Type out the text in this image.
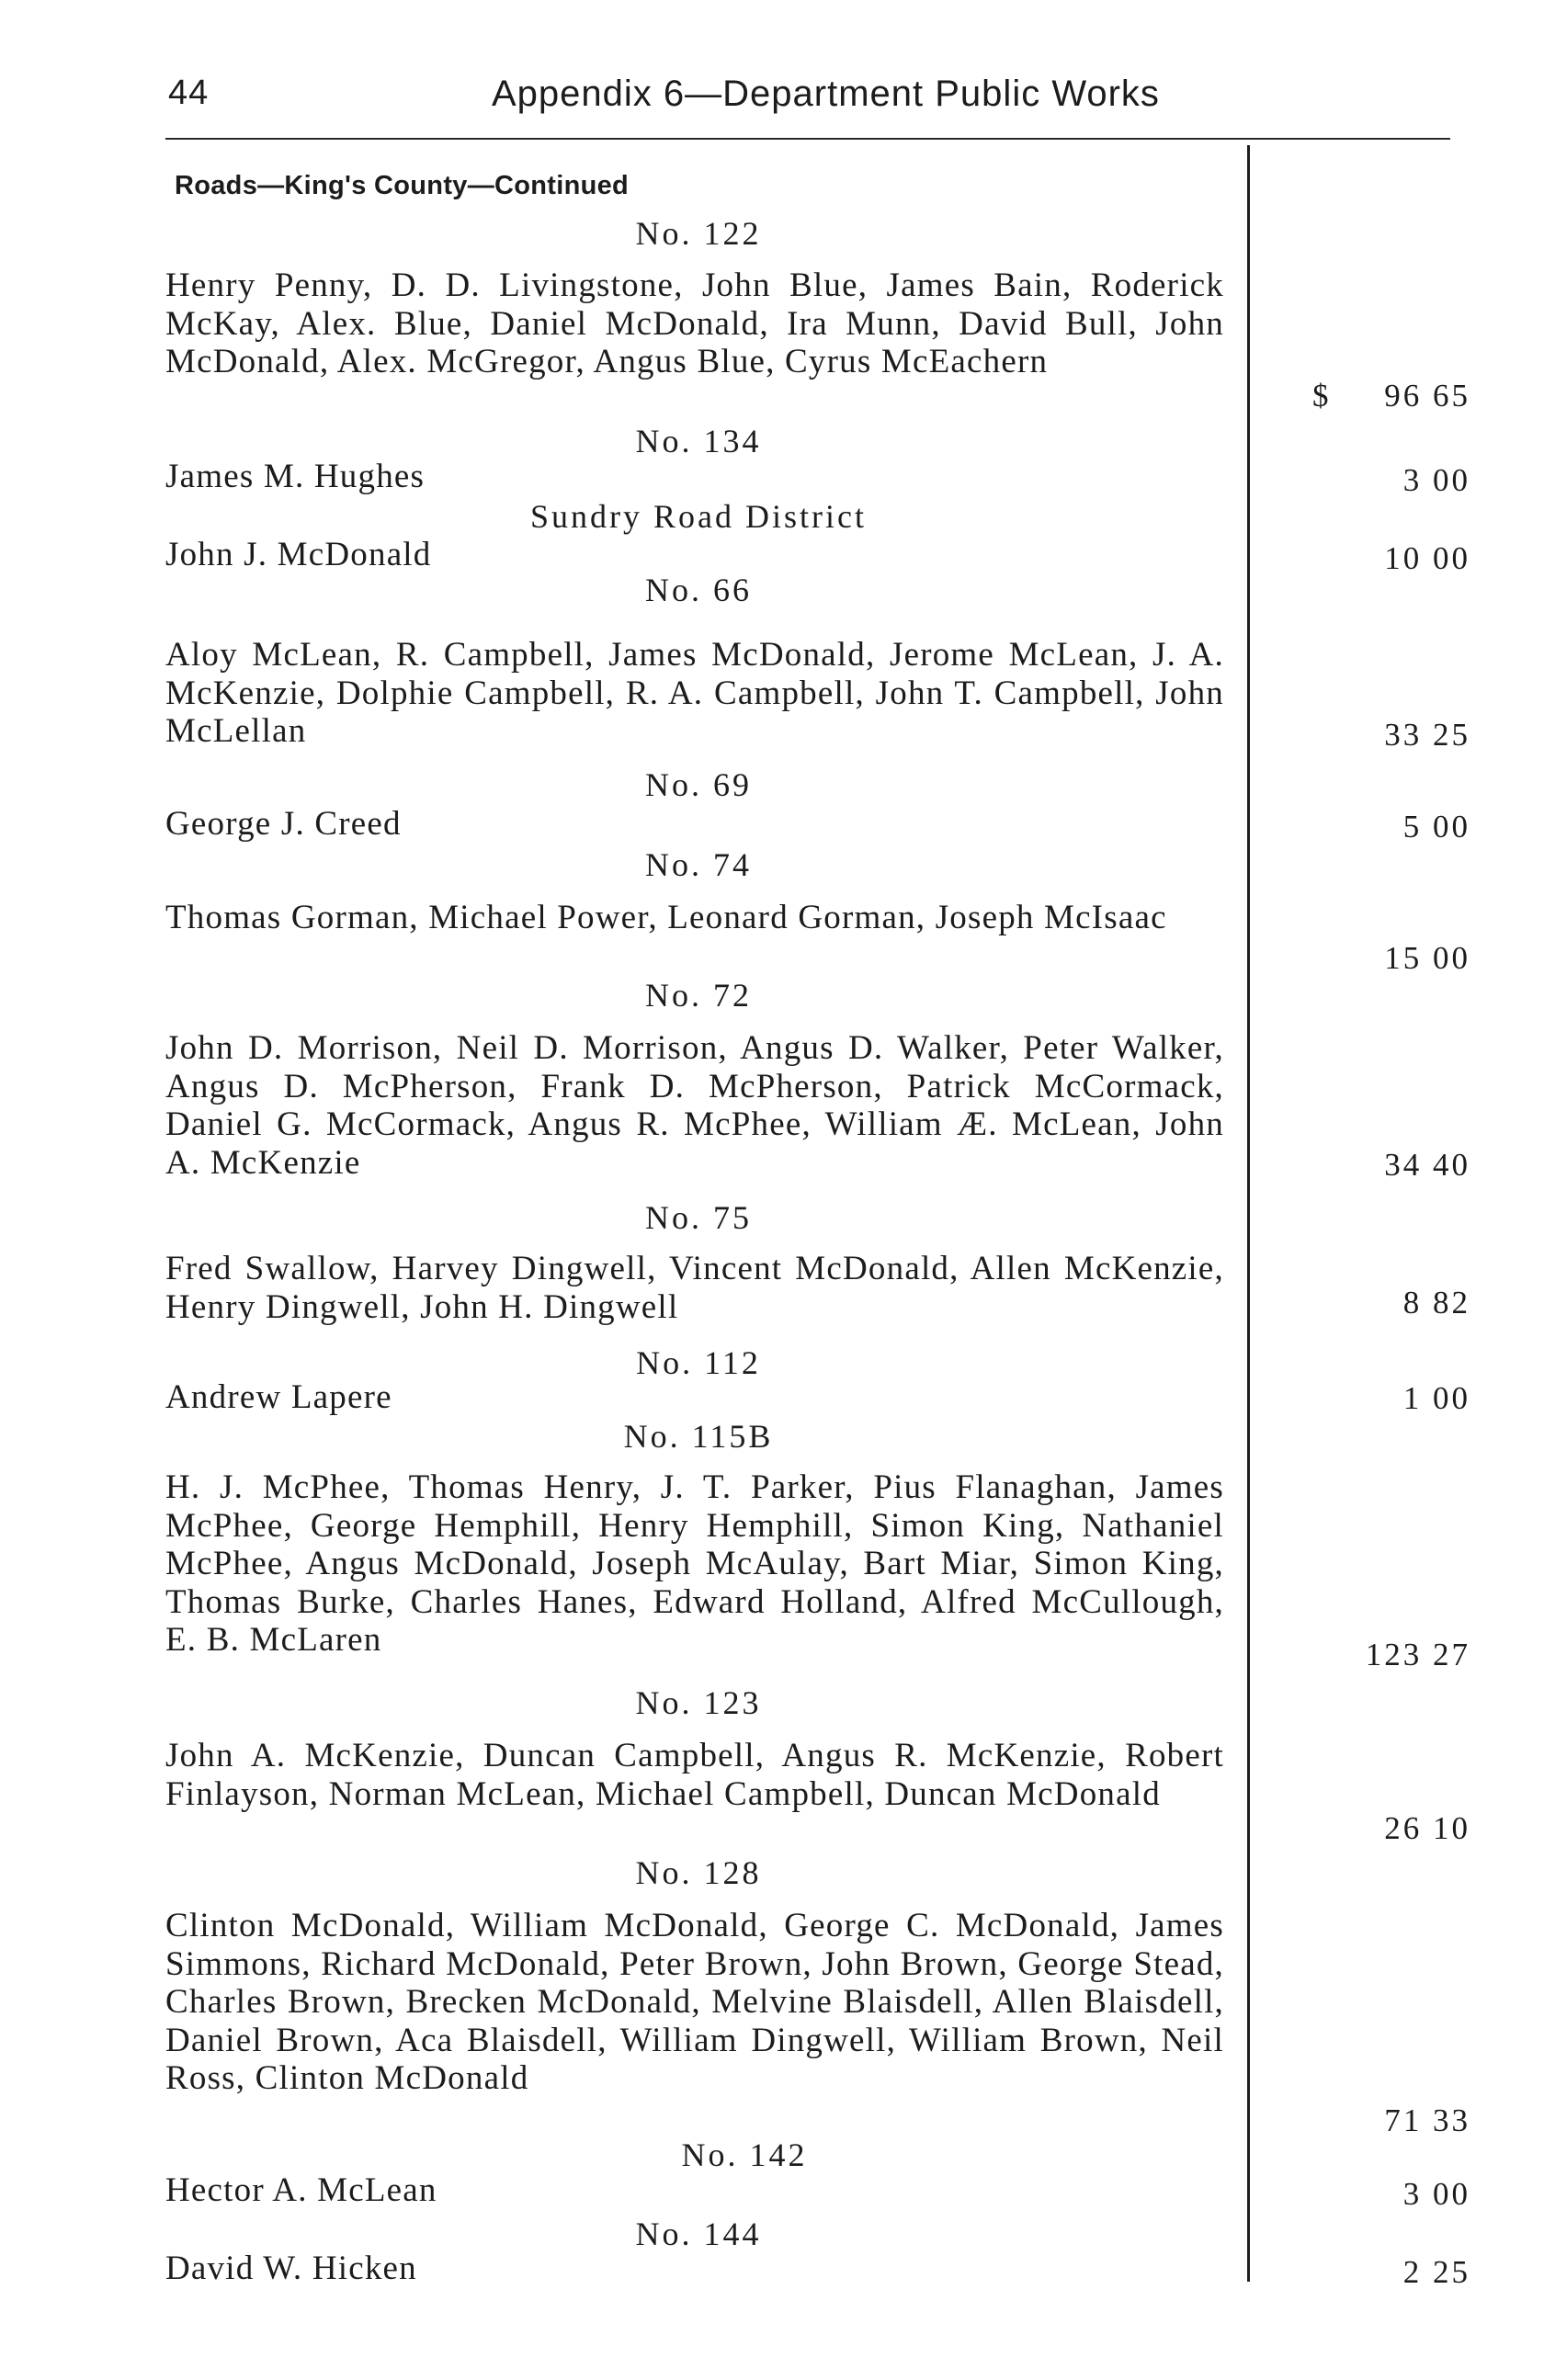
44	Appendix 6—Department Public Works
Roads—King's County—Continued
No. 122

Henry Penny, D. D. Livingstone, John Blue, James Bain, Roderick McKay, Alex. Blue, Daniel McDonald, Ira Munn, David Bull, John McDonald, Alex. McGregor, Angus Blue, Cyrus McEachern

$ 96 65
No. 134

James M. Hughes	3 00
Sundry Road District

John J. McDonald	10 00
No. 66

Aloy McLean, R. Campbell, James McDonald, Jerome McLean, J. A. McKenzie, Dolphie Campbell, R. A. Campbell, John T. Campbell, John McLellan	33 25
No. 69

George J. Creed	5 00
No. 74

Thomas Gorman, Michael Power, Leonard Gorman, Joseph McIsaac

15 00
No. 72

John D. Morrison, Neil D. Morrison, Angus D. Walker, Peter Walker, Angus D. McPherson, Frank D. McPherson, Patrick McCormack, Daniel G. McCormack, Angus R. McPhee, William Æ. McLean, John A. McKenzie	34 40
No. 75

Fred Swallow, Harvey Dingwell, Vincent McDonald, Allen McKenzie, Henry Dingwell, John H. Dingwell	8 82
No. 112

Andrew Lapere	1 00
No. 115B

H. J. McPhee, Thomas Henry, J. T. Parker, Pius Flanaghan, James McPhee, George Hemphill, Henry Hemphill, Simon King, Nathaniel McPhee, Angus McDonald, Joseph McAulay, Bart Miar, Simon King, Thomas Burke, Charles Hanes, Edward Holland, Alfred McCullough, E. B. McLaren	123 27
No. 123

John A. McKenzie, Duncan Campbell, Angus R. McKenzie, Robert Finlayson, Norman McLean, Michael Campbell, Duncan McDonald

26 10
No. 128

Clinton McDonald, William McDonald, George C. McDonald, James Simmons, Richard McDonald, Peter Brown, John Brown, George Stead, Charles Brown, Brecken McDonald, Melvine Blaisdell, Allen Blaisdell, Daniel Brown, Aca Blaisdell, William Dingwell, William Brown, Neil Ross, Clinton McDonald

71 33
No. 142

Hector A. McLean	3 00
No. 144

David W. Hicken	2 25
